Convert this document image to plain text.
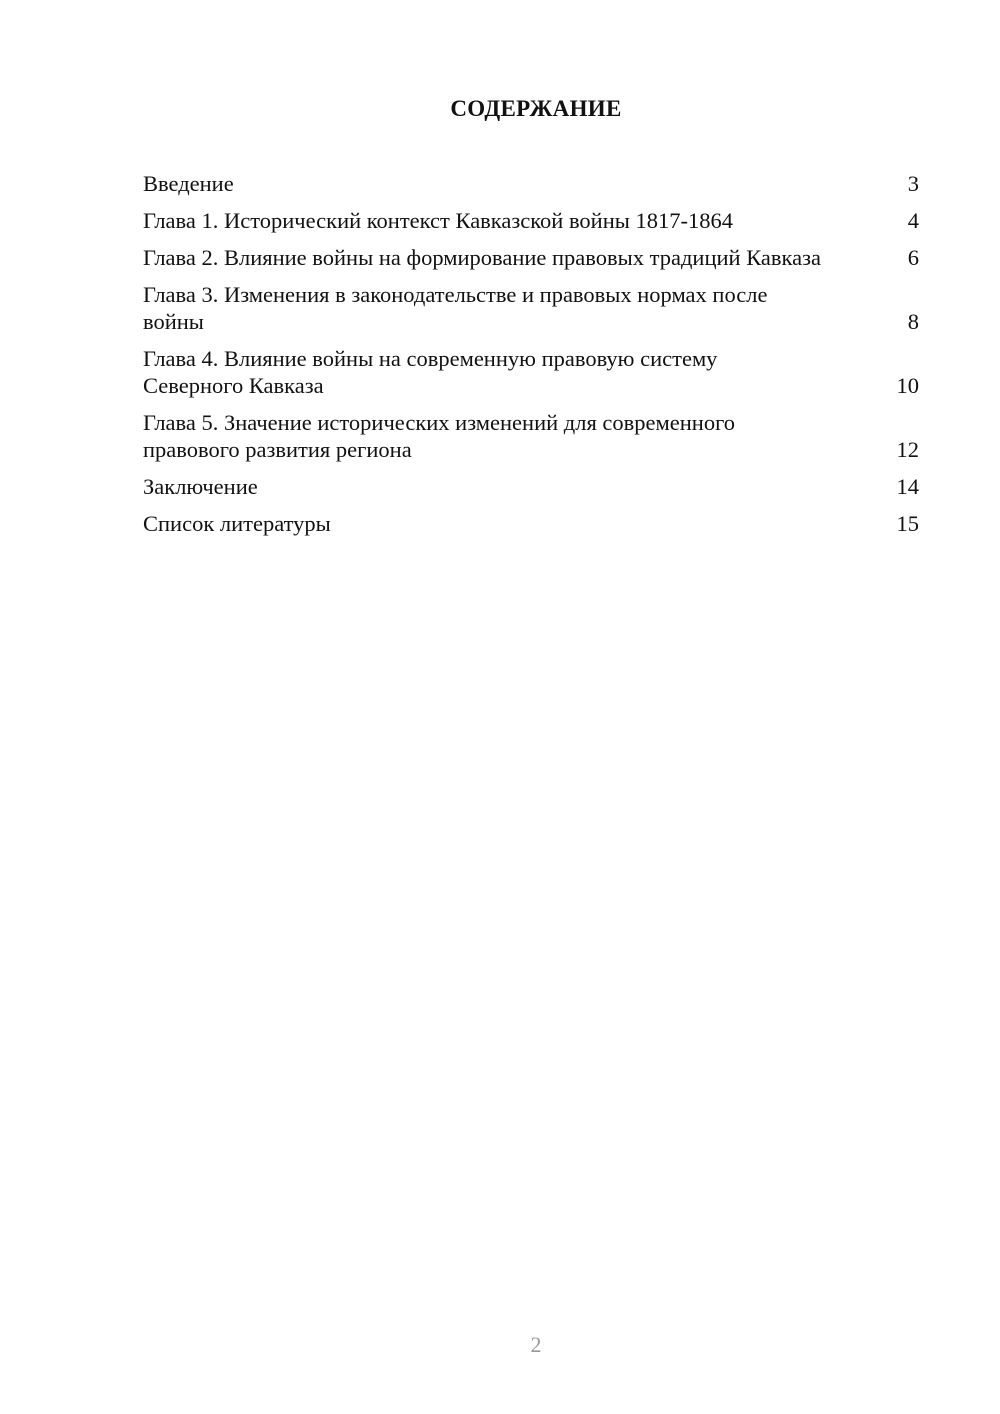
СОДЕРЖАНИЕ
Введение	3
Глава 1. Исторический контекст Кавказской войны 1817-1864	4
Глава 2. Влияние войны на формирование правовых традиций Кавказа	6
Глава 3. Изменения в законодательстве и правовых нормах после войны	8
Глава 4. Влияние войны на современную правовую систему Северного Кавказа	10
Глава 5. Значение исторических изменений для современного правового развития региона	12
Заключение	14
Список литературы	15
2
